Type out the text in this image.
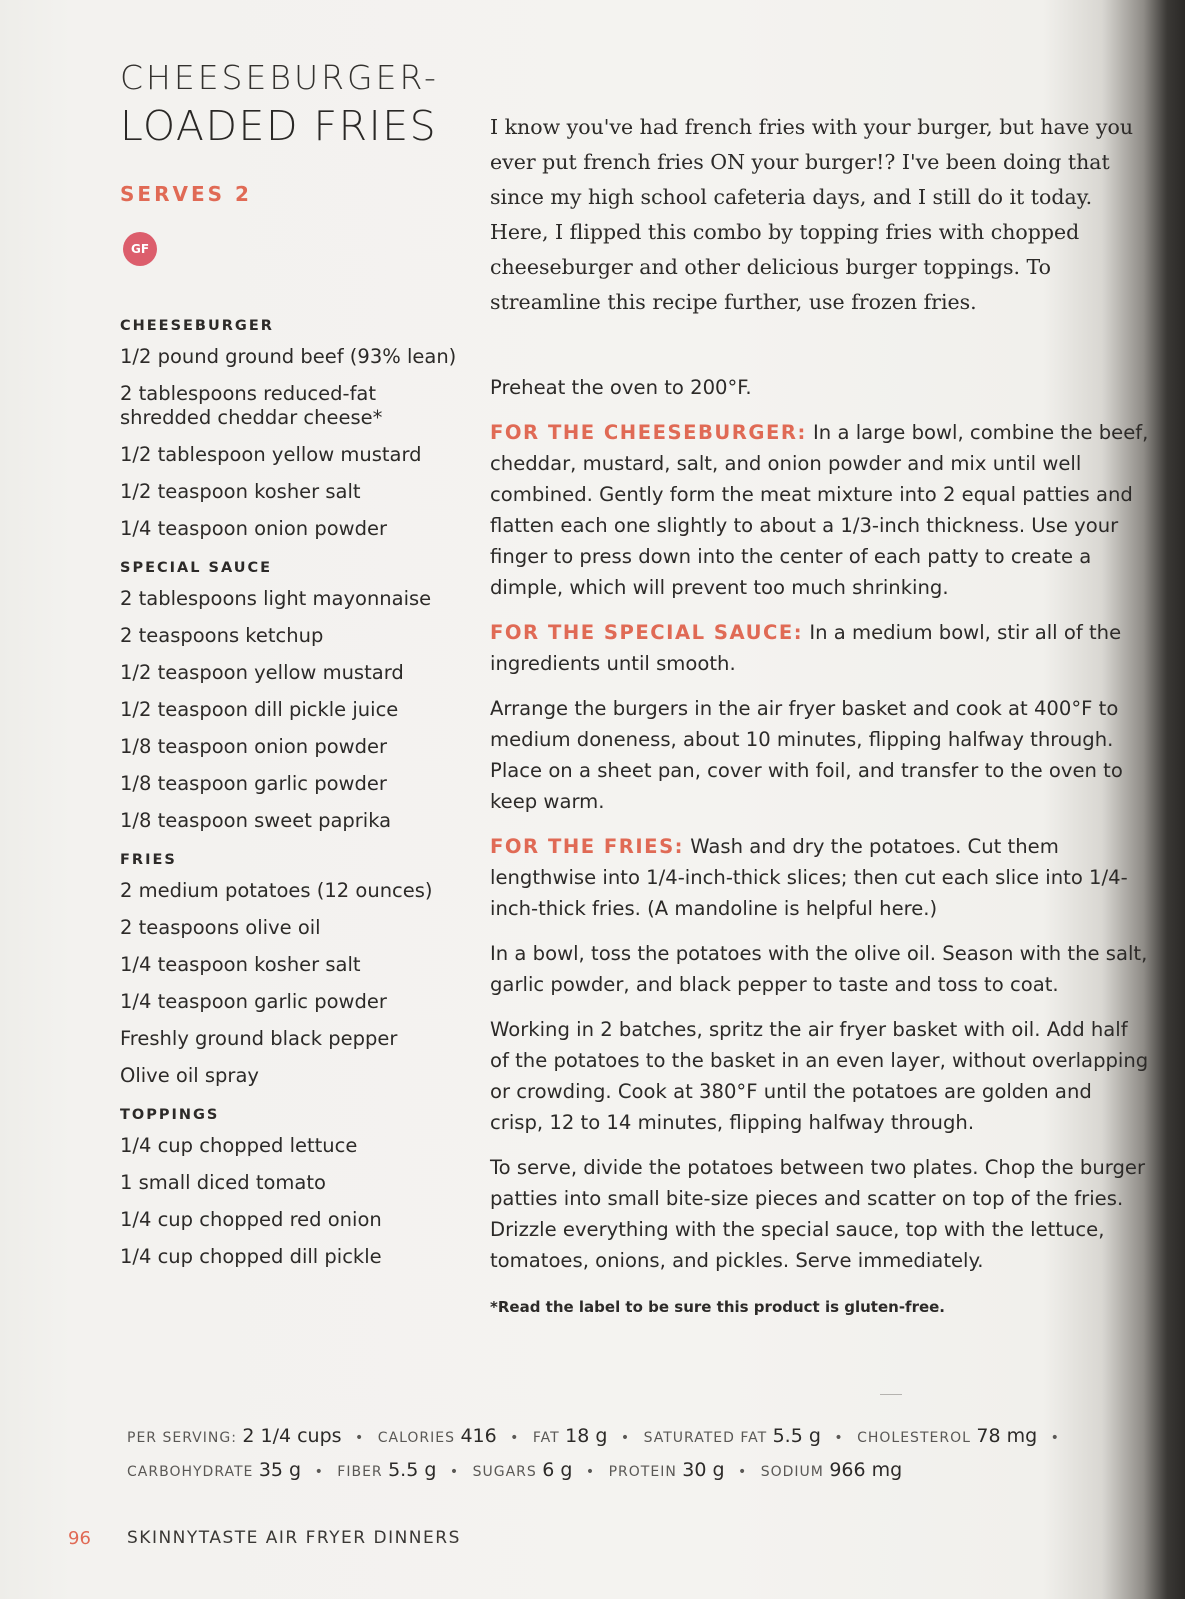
CHEESEBURGER-
LOADED FRIES
SERVES 2
GF
CHEESEBURGER
1/2 pound ground beef (93% lean)
2 tablespoons reduced-fat shredded cheddar cheese*
1/2 tablespoon yellow mustard
1/2 teaspoon kosher salt
1/4 teaspoon onion powder
SPECIAL SAUCE
2 tablespoons light mayonnaise
2 teaspoons ketchup
1/2 teaspoon yellow mustard
1/2 teaspoon dill pickle juice
1/8 teaspoon onion powder
1/8 teaspoon garlic powder
1/8 teaspoon sweet paprika
FRIES
2 medium potatoes (12 ounces)
2 teaspoons olive oil
1/4 teaspoon kosher salt
1/4 teaspoon garlic powder
Freshly ground black pepper
Olive oil spray
TOPPINGS
1/4 cup chopped lettuce
1 small diced tomato
1/4 cup chopped red onion
1/4 cup chopped dill pickle

I know you've had french fries with your burger, but have you ever put french fries ON your burger!? I've been doing that since my high school cafeteria days, and I still do it today. Here, I flipped this combo by topping fries with chopped cheeseburger and other delicious burger toppings. To streamline this recipe further, use frozen fries.

Preheat the oven to 200°F.

FOR THE CHEESEBURGER: In a large bowl, combine the beef, cheddar, mustard, salt, and onion powder and mix until well combined. Gently form the meat mixture into 2 equal patties and flatten each one slightly to about a 1/3-inch thickness. Use your finger to press down into the center of each patty to create a dimple, which will prevent too much shrinking.

FOR THE SPECIAL SAUCE: In a medium bowl, stir all of the ingredients until smooth.

Arrange the burgers in the air fryer basket and cook at 400°F to medium doneness, about 10 minutes, flipping halfway through. Place on a sheet pan, cover with foil, and transfer to the oven to keep warm.

FOR THE FRIES: Wash and dry the potatoes. Cut them lengthwise into 1/4-inch-thick slices; then cut each slice into 1/4-inch-thick fries. (A mandoline is helpful here.)

In a bowl, toss the potatoes with the olive oil. Season with the salt, garlic powder, and black pepper to taste and toss to coat.

Working in 2 batches, spritz the air fryer basket with oil. Add half of the potatoes to the basket in an even layer, without overlapping or crowding. Cook at 380°F until the potatoes are golden and crisp, 12 to 14 minutes, flipping halfway through.

To serve, divide the potatoes between two plates. Chop the burger patties into small bite-size pieces and scatter on top of the fries. Drizzle everything with the special sauce, top with the lettuce, tomatoes, onions, and pickles. Serve immediately.

*Read the label to be sure this product is gluten-free.
PER SERVING: 2 1/4 cups • CALORIES 416 • FAT 18 g • SATURATED FAT 5.5 g • CHOLESTEROL 78 mg •
CARBOHYDRATE 35 g • FIBER 5.5 g • SUGARS 6 g • PROTEIN 30 g • SODIUM 966 mg
96 SKINNYTASTE AIR FRYER DINNERS
